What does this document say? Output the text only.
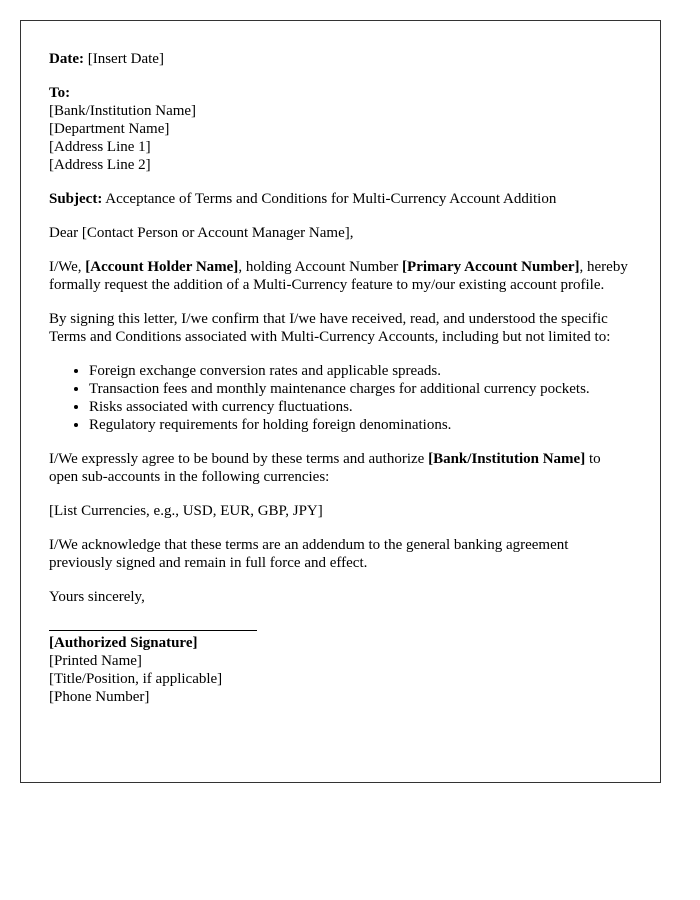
Date: [Insert Date]
To:
[Bank/Institution Name]
[Department Name]
[Address Line 1]
[Address Line 2]
Subject: Acceptance of Terms and Conditions for Multi-Currency Account Addition

Dear [Contact Person or Account Manager Name],

I/We, [Account Holder Name], holding Account Number [Primary Account Number], hereby formally request the addition of a Multi-Currency feature to my/our existing account profile.

By signing this letter, I/we confirm that I/we have received, read, and understood the specific Terms and Conditions associated with Multi-Currency Accounts, including but not limited to:

• Foreign exchange conversion rates and applicable spreads.
• Transaction fees and monthly maintenance charges for additional currency pockets.
• Risks associated with currency fluctuations.
• Regulatory requirements for holding foreign denominations.

I/We expressly agree to be bound by these terms and authorize [Bank/Institution Name] to open sub-accounts in the following currencies:

[List Currencies, e.g., USD, EUR, GBP, JPY]

I/We acknowledge that these terms are an addendum to the general banking agreement previously signed and remain in full force and effect.

Yours sincerely,

[Authorized Signature]
[Printed Name]
[Title/Position, if applicable]
[Phone Number]
